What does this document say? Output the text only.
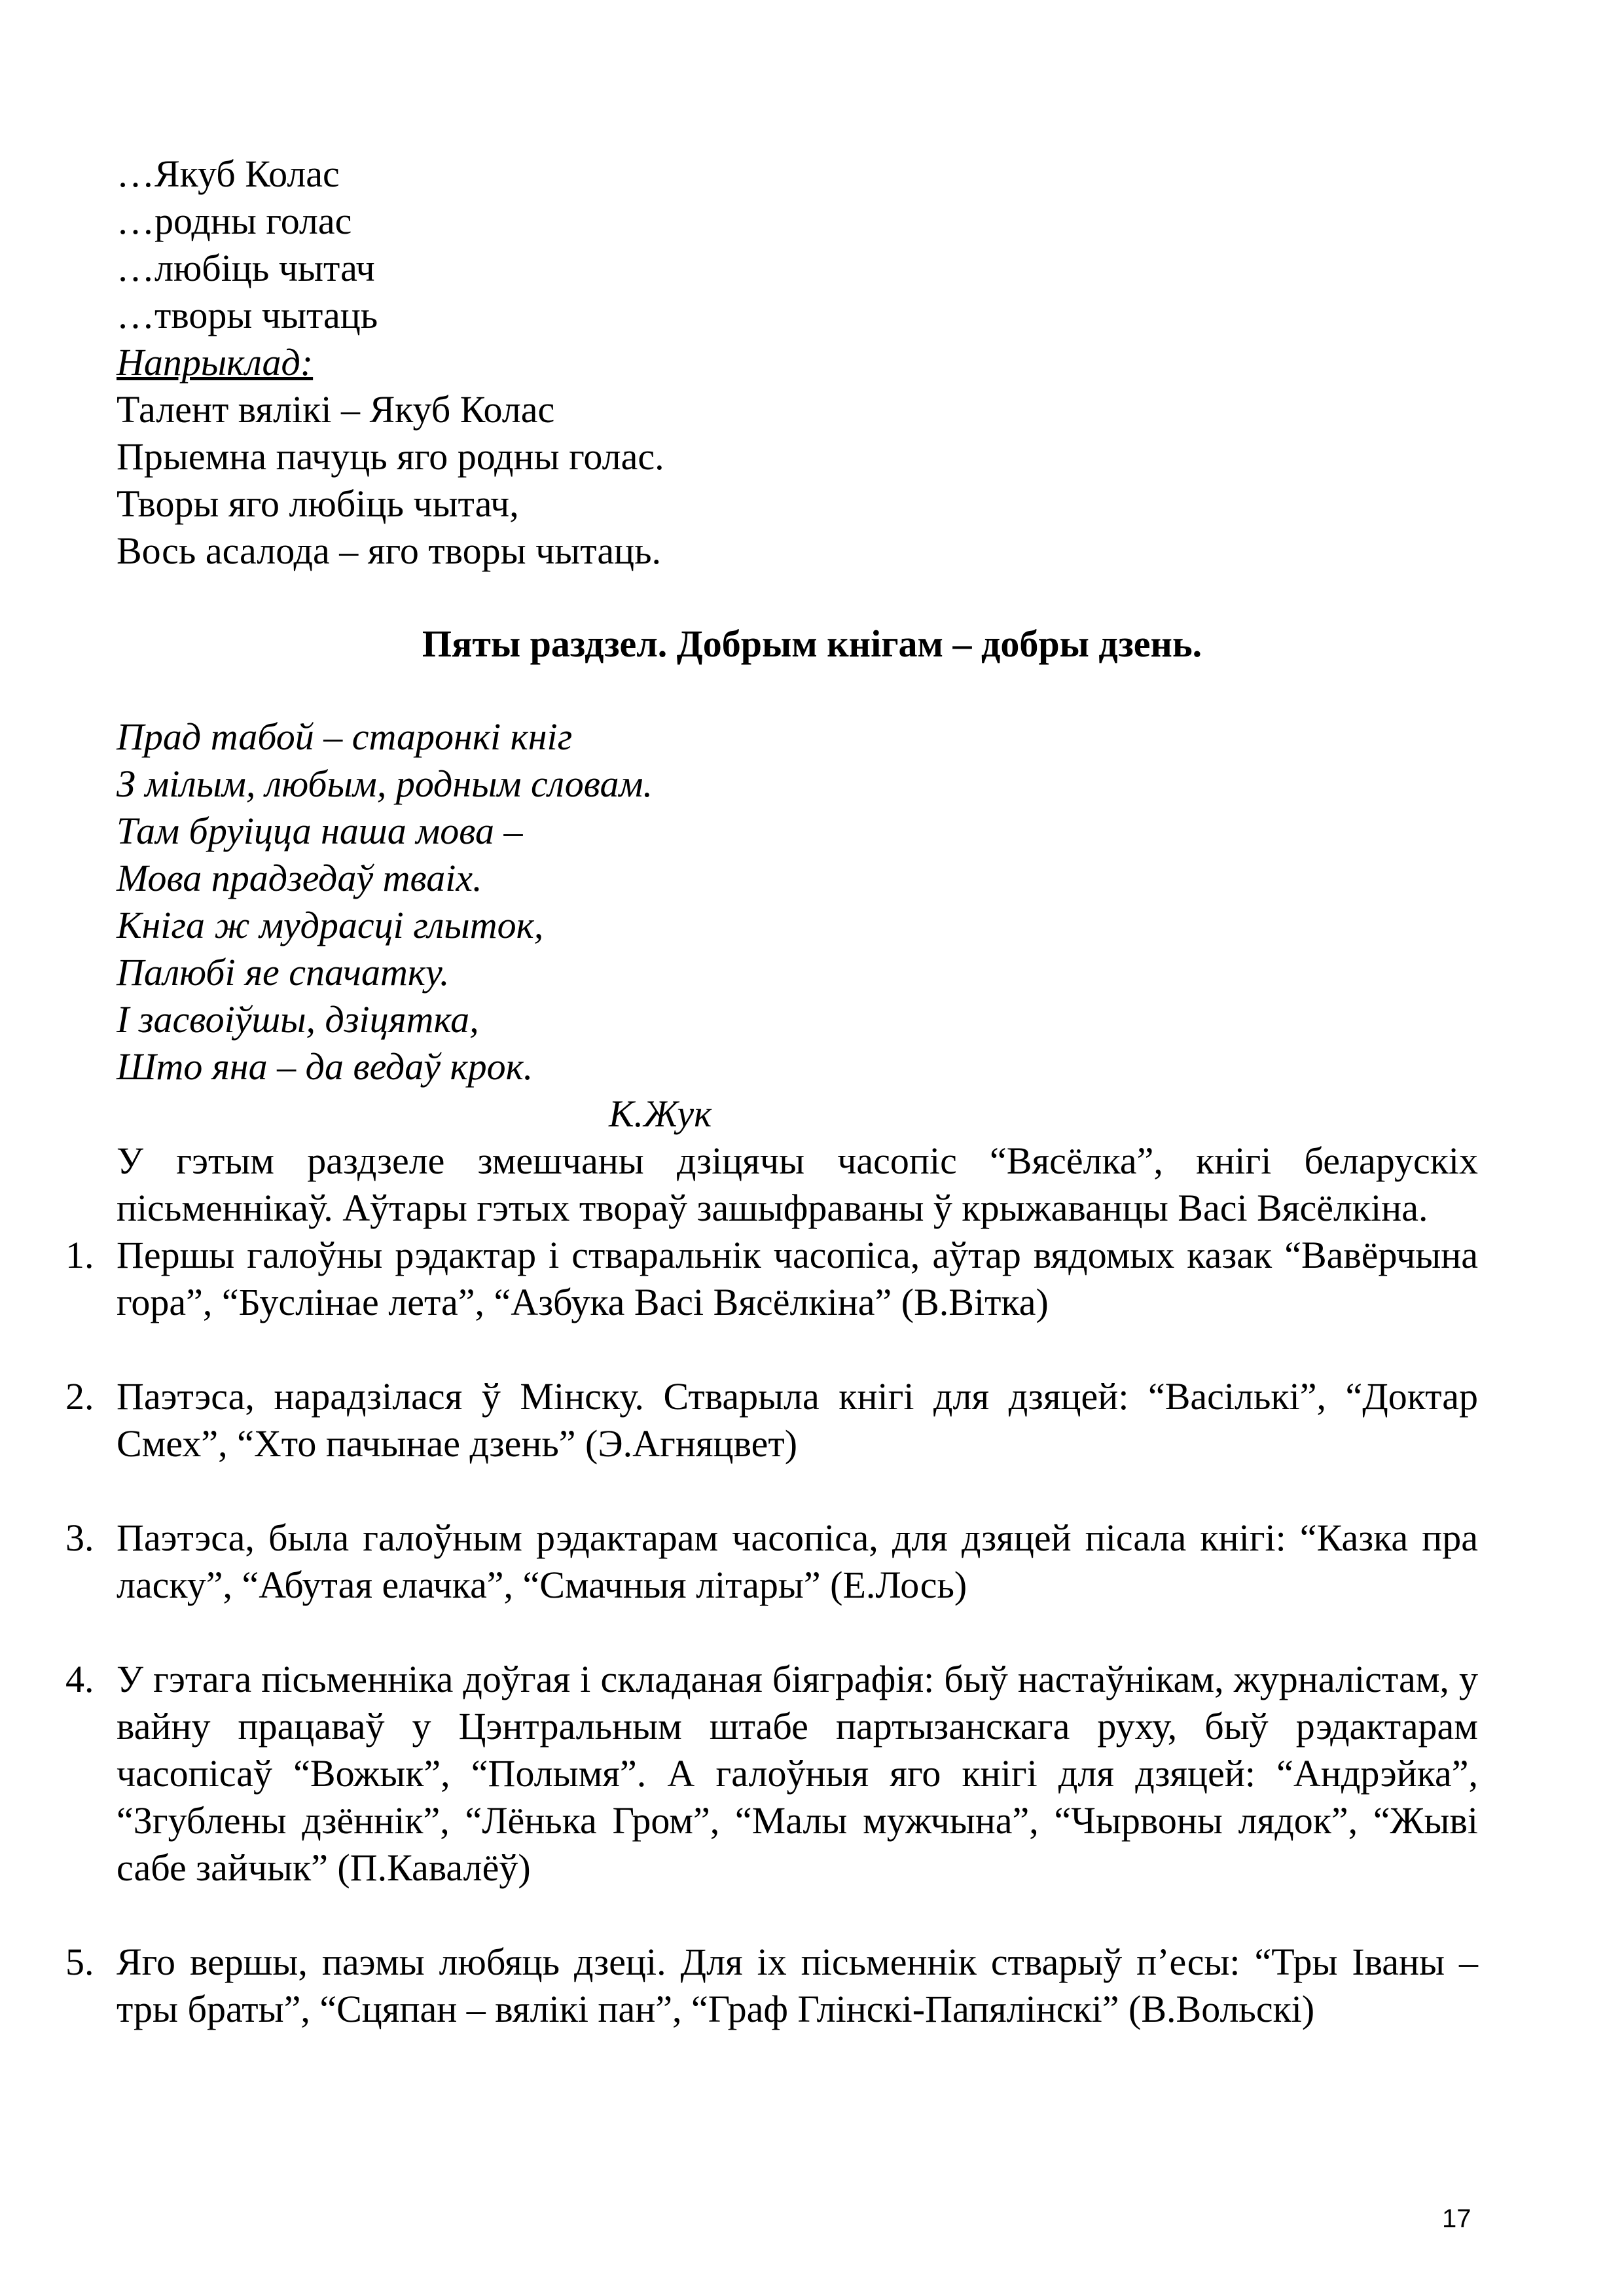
…Якуб Колас
…родны голас
…любіць чытач
…творы чытаць
Напрыклад:
Талент вялікі – Якуб Колас
Прыемна пачуць яго родны голас.
Творы яго любіць чытач,
Вось асалода – яго творы чытаць.
Пяты раздзел. Добрым кнігам – добры дзень.
Прад табой – старонкі кніг
З мілым, любым, родным словам.
Там бруіцца наша мова –
Мова прадзедаў тваіх.
Кніга ж мудрасці глыток,
Палюбі яе спачатку.
І засвоіўшы, дзіцятка,
Што яна – да ведаў крок.
К.Жук
У гэтым раздзеле змешчаны дзіцячы часопіс “Вясёлка”, кнігі беларускіх пісьменнікаў. Аўтары гэтых твораў зашыфраваны ў крыжаванцы Васі Вясёлкіна.
1. Першы галоўны рэдактар і стваральнік часопіса, аўтар вядомых казак “Вавёрчына гора”, “Буслінае лета”, “Азбука Васі Вясёлкіна” (В.Вітка)
2. Паэтэса, нарадзілася ў Мінску. Стварыла кнігі для дзяцей: “Васількі”, “Доктар Смех”, “Хто пачынае дзень” (Э.Агняцвет)
3. Паэтэса, была галоўным рэдактарам часопіса, для дзяцей пісала кнігі: “Казка пра ласку”, “Абутая елачка”, “Смачныя літары” (Е.Лось)
4. У гэтага пісьменніка доўгая і складаная біяграфія: быў настаўнікам, журналістам, у вайну працаваў у Цэнтральным штабе партызанскага руху, быў рэдактарам часопісаў “Вожык”, “Полымя”. А галоўныя яго кнігі для дзяцей: “Андрэйка”, “Згублены дзённік”, “Лёнька Гром”, “Малы мужчына”, “Чырвоны лядок”, “Жыві сабе зайчык” (П.Кавалёў)
5. Яго вершы, паэмы любяць дзеці. Для іх пісьменнік стварыў п’есы: “Тры Іваны – тры браты”, “Сцяпан – вялікі пан”, “Граф Глінскі-Папялінскі” (В.Вольскі)
17
